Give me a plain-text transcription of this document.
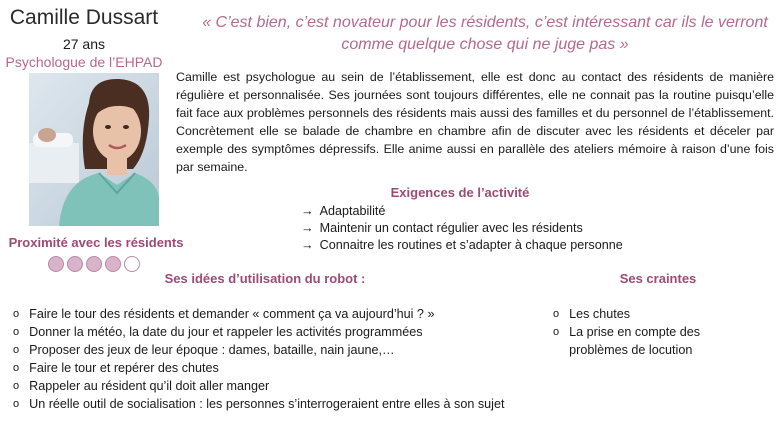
Camille Dussart
27 ans
Psychologue de l’EHPAD
Proximité avec les résidents
« C’est bien, c’est novateur pour les résidents, c’est intéressant car ils le verront comme quelque chose qui ne juge pas »
Camille est psychologue au sein de l’établissement, elle est donc au contact des résidents de manière régulière et personnalisée. Ses journées sont toujours différentes, elle ne connait pas la routine puisqu’elle fait face aux problèmes personnels des résidents mais aussi des familles et du personnel de l’établissement. Concrètement elle se balade de chambre en chambre afin de discuter avec les résidents et déceler par exemple des symptômes dépressifs. Elle anime aussi en parallèle des ateliers mémoire à raison d’une fois par semaine.
Exigences de l’activité
→ Adaptabilité
→ Maintenir un contact régulier avec les résidents
→ Connaitre les routines et s’adapter à chaque personne
Ses idées d’utilisation du robot :	Ses craintes
o Faire le tour des résidents et demander « comment ça va aujourd’hui ? »
o Donner la météo, la date du jour et rappeler les activités programmées
o Proposer des jeux de leur époque : dames, bataille, nain jaune,…
o Faire le tour et repérer des chutes
o Rappeler au résident qu’il doit aller manger
o Un réelle outil de socialisation : les personnes s’interrogeraient entre elles à son sujet
o Les chutes
o La prise en compte des problèmes de locution
